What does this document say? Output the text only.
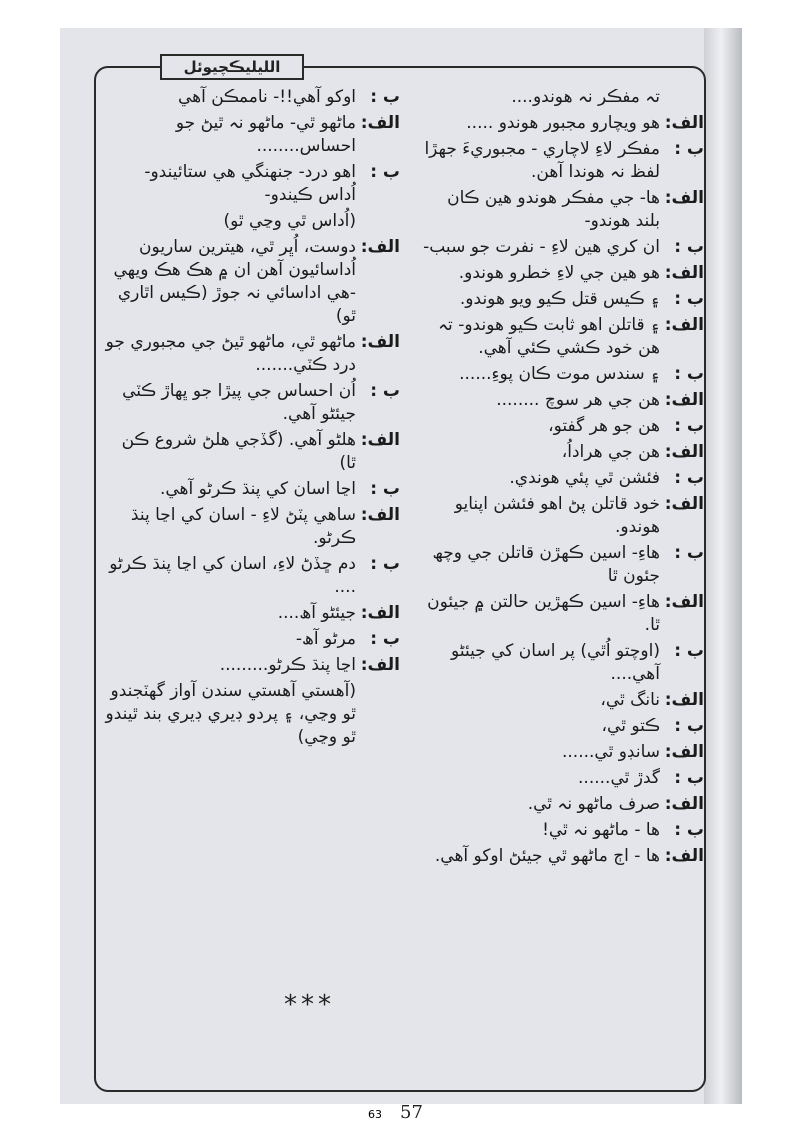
الليليڪچيوئل
تہ مفڪر نہ ھوندو....
الف:
ھو ويچارو مجبور ھوندو .....
ب :
مفڪر لاءِ لاچاري - مجبوريءَ جھڙا لفظ نہ ھوندا آھن.
الف:
ھا- جي مفڪر ھوندو ھين ڪان بلند ھوندو-
ب :
ان کري ھين لاءِ - نفرت جو سبب-
الف:
ھو ھين جي لاءِ خطرو ھوندو.
ب :
۽ ڪيس قتل ڪيو ويو ھوندو.
الف:
۽ قاتلن اھو ثابت ڪيو ھوندو- تہ ھن خود ڪشي ڪئي آھي.
ب :
۽ سندس موت ڪان پوءِ......
الف:
ھن جي ھر سوچ ........
ب :
ھن جو ھر گفتو،
الف:
ھن جي ھراداُ،
ب :
فئشن ٿي پئي ھوندي.
الف:
خود قاتلن پڻ اھو فئشن اپنايو ھوندو.
ب :
ھاءِ- اسين ڪھڙن قاتلن جي وچھ جئون ٿا
الف:
ھاءِ- اسين ڪھڙين حالتن ۾ جيئون ٿا.
ب :
(اوچتو اُٿي) پر اسان کي جيئڻو آھي....
الف:
نانگ ٿي،
ب :
ڪتو ٿي،
الف:
سانڊو ٿي......
ب :
گدڙ ٿي......
الف:
صرف ماڻھو نہ ٿي.
ب :
ھا - ماڻھو نہ ٿي!
الف:
ھا - اڄ ماڻھو ٿي جيئڻ اوکو آھي.
ب :
اوکو آھي!!- ناممڪن آھي
الف:
ماڻھو ٿي- ماڻھو نہ ٿيڻ جو احساس........
ب :
اھو درد- جنھنگي ھي ستائيندو- اُداس ڪيندو-
(اُداس ٿي وڃي ٿو)
الف:
دوست، اُڀر ٿي، ھيترين ساريون اُداسائيون آھن ان ۾ ھڪ ھڪ ويھي -ھي اداسائي نہ جوڙ (ڪيس اٿاري ٿو)
الف:
ماڻھو ٿي، ماڻھو ٿيڻ جي مجبوري جو درد ڪٽي.......
ب :
اُن احساس جي پيڙا جو ڀھاڙ ڪٽي جيئڻو آھي.
الف:
ھلڻو آھي. (گڏجي ھلڻ شروع ڪن ٿا)
ب :
اڃا اسان کي پنڌ ڪرڻو آھي.
الف:
ساھي پٽڻ لاءِ - اسان کي اڃا پنڌ ڪرڻو.
ب :
دم ڇڏڻ لاءِ، اسان کي اڃا پنڌ ڪرڻو ....
الف:
جيئڻو آھ....
ب :
مرڻو آھ-
الف:
اڃا پنڌ ڪرڻو.........
(آھستي آھستي سندن آواز گھٽجندو ٿو وڃي، ۽ پردو ڊيري ڊيري بند ٿيندو ٿو وڃي)
***
57
63
